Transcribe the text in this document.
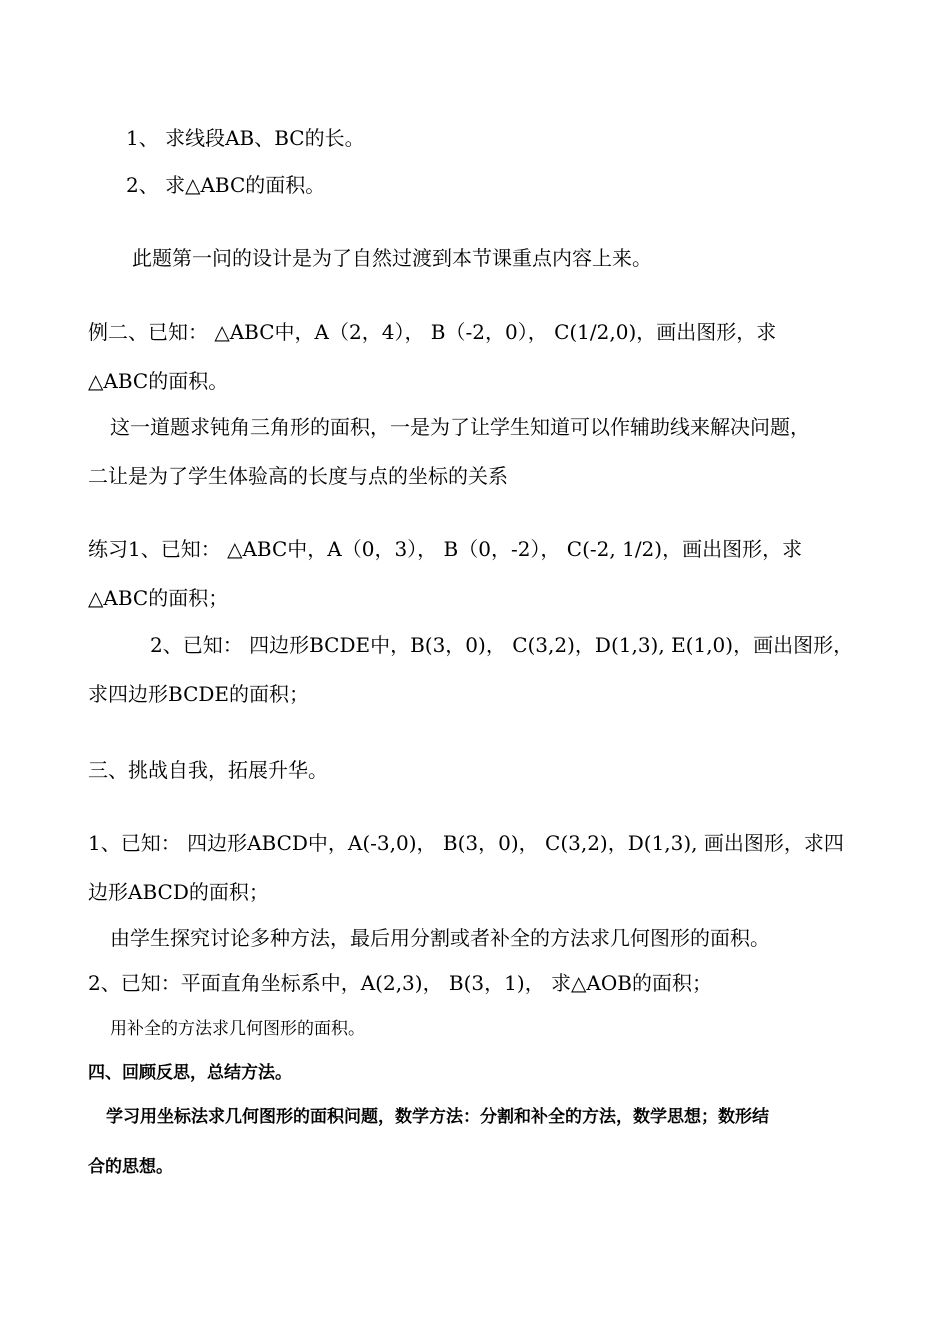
1、 求线段AB、BC的长。
2、 求△ABC的面积。
此题第一问的设计是为了自然过渡到本节课重点内容上来。
例二、已知： △ABC中，A（2，4）， B（-2，0）， C(1/2,0)，画出图形，求
△ABC的面积。
这一道题求钝角三角形的面积，一是为了让学生知道可以作辅助线来解决问题，
二让是为了学生体验高的长度与点的坐标的关系
练习1、已知： △ABC中，A（0，3）， B（0，-2）， C(-2, 1/2)，画出图形，求
△ABC的面积；
2、已知： 四边形BCDE中，B(3，0)， C(3,2)，D(1,3), E(1,0)，画出图形，
求四边形BCDE的面积；
三、挑战自我，拓展升华。
1、已知： 四边形ABCD中，A(-3,0)， B(3，0)， C(3,2)，D(1,3), 画出图形，求四
边形ABCD的面积；
由学生探究讨论多种方法，最后用分割或者补全的方法求几何图形的面积。
2、已知：平面直角坐标系中，A(2,3)， B(3，1)， 求△AOB的面积；
用补全的方法求几何图形的面积。
四、回顾反思，总结方法。
学习用坐标法求几何图形的面积问题，数学方法：分割和补全的方法，数学思想；数形结
合的思想。
